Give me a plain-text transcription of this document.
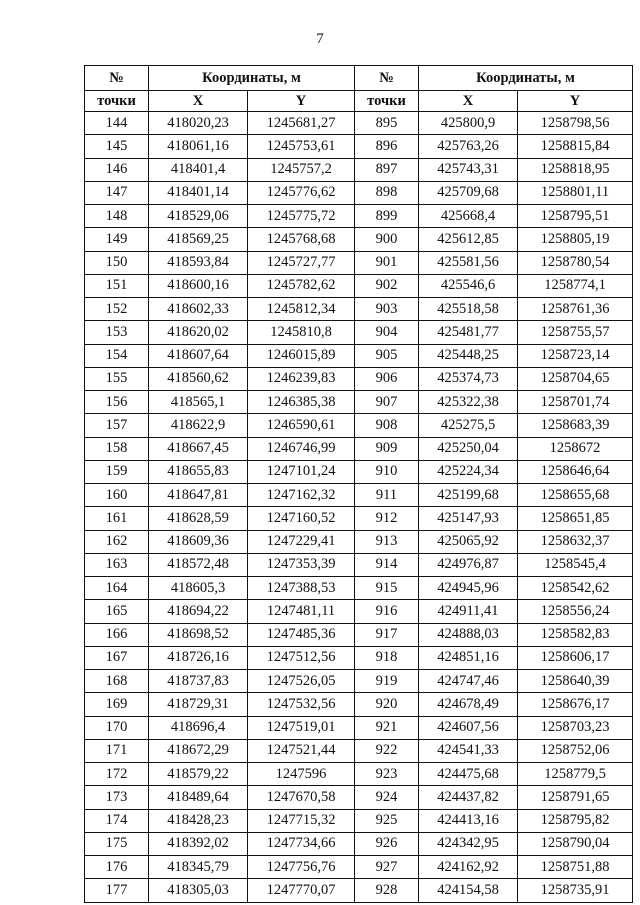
7
№	Координаты, м		№	Координаты, м	
точки	X	Y	точки	X	Y
144	418020,23	1245681,27	895	425800,9	1258798,56
145	418061,16	1245753,61	896	425763,26	1258815,84
146	418401,4	1245757,2	897	425743,31	1258818,95
147	418401,14	1245776,62	898	425709,68	1258801,11
148	418529,06	1245775,72	899	425668,4	1258795,51
149	418569,25	1245768,68	900	425612,85	1258805,19
150	418593,84	1245727,77	901	425581,56	1258780,54
151	418600,16	1245782,62	902	425546,6	1258774,1
152	418602,33	1245812,34	903	425518,58	1258761,36
153	418620,02	1245810,8	904	425481,77	1258755,57
154	418607,64	1246015,89	905	425448,25	1258723,14
155	418560,62	1246239,83	906	425374,73	1258704,65
156	418565,1	1246385,38	907	425322,38	1258701,74
157	418622,9	1246590,61	908	425275,5	1258683,39
158	418667,45	1246746,99	909	425250,04	1258672
159	418655,83	1247101,24	910	425224,34	1258646,64
160	418647,81	1247162,32	911	425199,68	1258655,68
161	418628,59	1247160,52	912	425147,93	1258651,85
162	418609,36	1247229,41	913	425065,92	1258632,37
163	418572,48	1247353,39	914	424976,87	1258545,4
164	418605,3	1247388,53	915	424945,96	1258542,62
165	418694,22	1247481,11	916	424911,41	1258556,24
166	418698,52	1247485,36	917	424888,03	1258582,83
167	418726,16	1247512,56	918	424851,16	1258606,17
168	418737,83	1247526,05	919	424747,46	1258640,39
169	418729,31	1247532,56	920	424678,49	1258676,17
170	418696,4	1247519,01	921	424607,56	1258703,23
171	418672,29	1247521,44	922	424541,33	1258752,06
172	418579,22	1247596	923	424475,68	1258779,5
173	418489,64	1247670,58	924	424437,82	1258791,65
174	418428,23	1247715,32	925	424413,16	1258795,82
175	418392,02	1247734,66	926	424342,95	1258790,04
176	418345,79	1247756,76	927	424162,92	1258751,88
177	418305,03	1247770,07	928	424154,58	1258735,91
